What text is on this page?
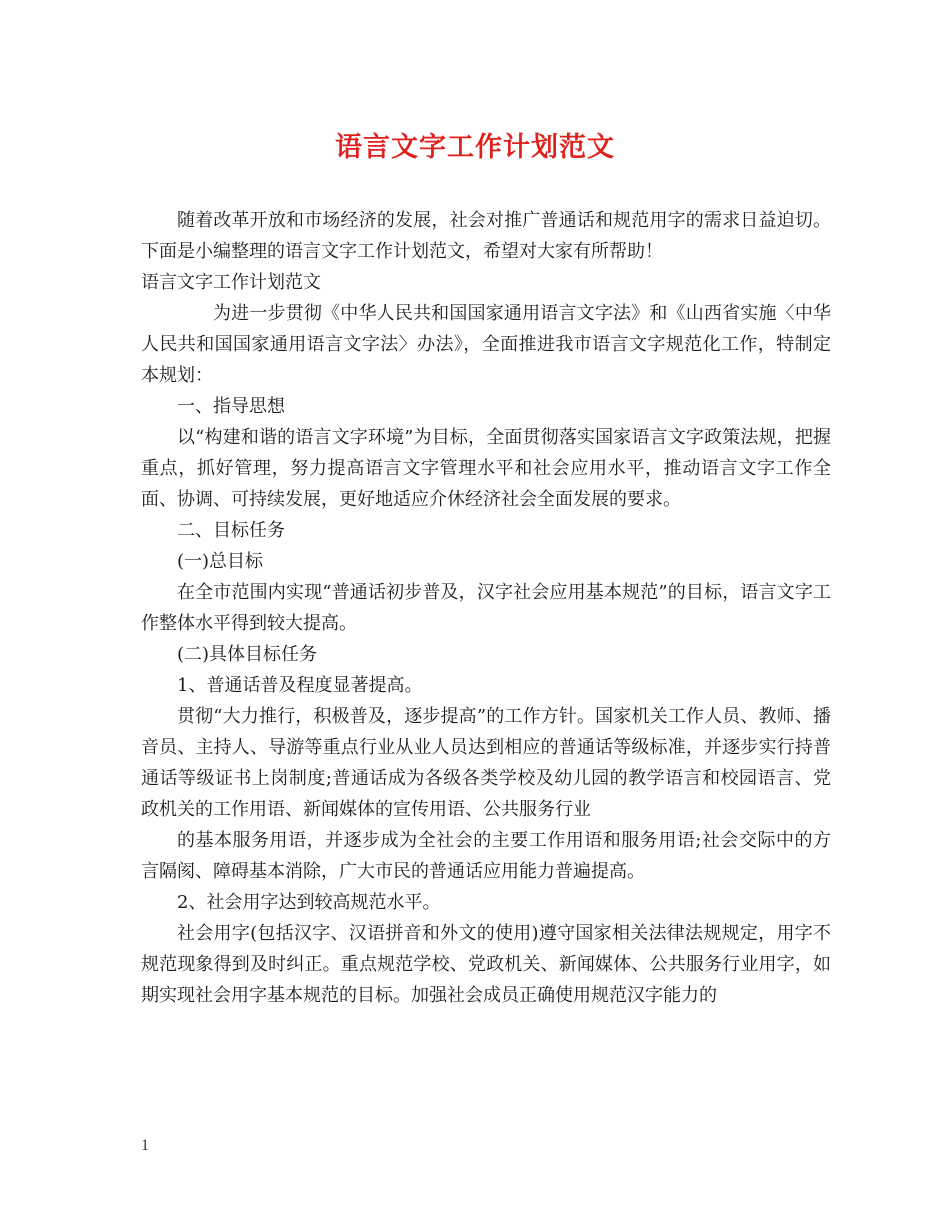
语言文字工作计划范文

随着改革开放和市场经济的发展，社会对推广普通话和规范用字的需求日益迫切。下面是小编整理的语言文字工作计划范文，希望对大家有所帮助！

语言文字工作计划范文

为进一步贯彻《中华人民共和国国家通用语言文字法》和《山西省实施〈中华人民共和国国家通用语言文字法〉办法》，全面推进我市语言文字规范化工作，特制定本规划：

一、指导思想

以“构建和谐的语言文字环境”为目标，全面贯彻落实国家语言文字政策法规，把握重点，抓好管理，努力提高语言文字管理水平和社会应用水平，推动语言文字工作全面、协调、可持续发展，更好地适应介休经济社会全面发展的要求。

二、目标任务

(一)总目标

在全市范围内实现“普通话初步普及，汉字社会应用基本规范”的目标，语言文字工作整体水平得到较大提高。

(二)具体目标任务

1、普通话普及程度显著提高。

贯彻“大力推行，积极普及，逐步提高”的工作方针。国家机关工作人员、教师、播音员、主持人、导游等重点行业从业人员达到相应的普通话等级标准，并逐步实行持普通话等级证书上岗制度;普通话成为各级各类学校及幼儿园的教学语言和校园语言、党政机关的工作用语、新闻媒体的宣传用语、公共服务行业

的基本服务用语，并逐步成为全社会的主要工作用语和服务用语;社会交际中的方言隔阂、障碍基本消除，广大市民的普通话应用能力普遍提高。

2、社会用字达到较高规范水平。

社会用字(包括汉字、汉语拼音和外文的使用)遵守国家相关法律法规规定，用字不规范现象得到及时纠正。重点规范学校、党政机关、新闻媒体、公共服务行业用字，如期实现社会用字基本规范的目标。加强社会成员正确使用规范汉字能力的

1
